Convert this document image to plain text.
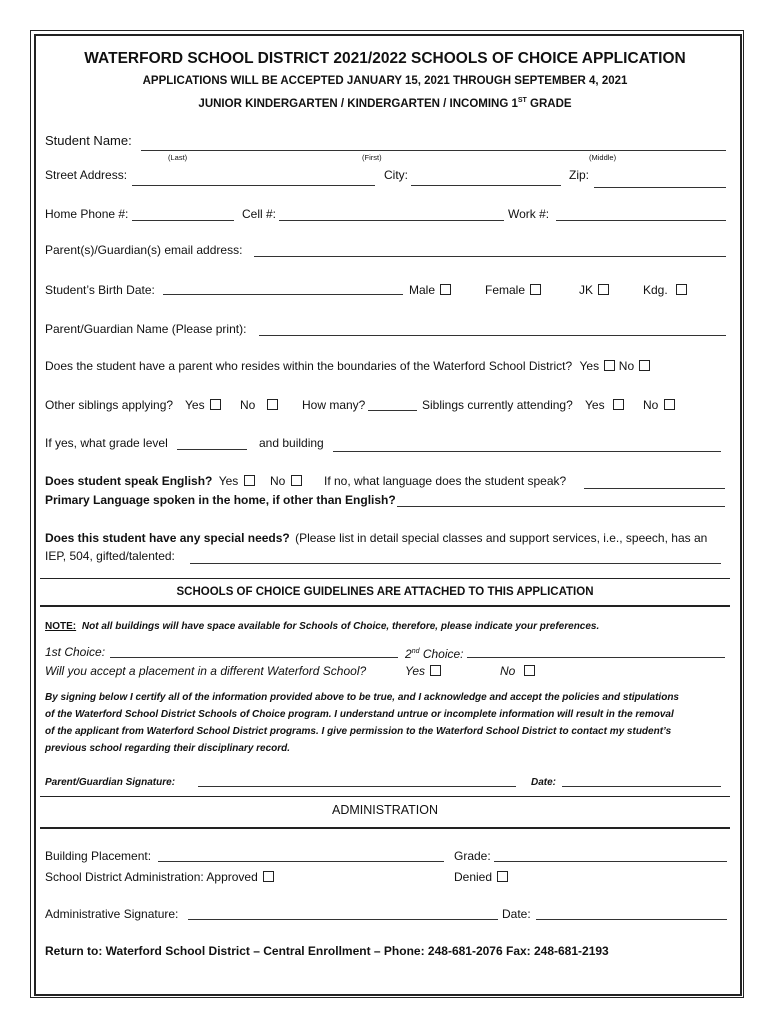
WATERFORD SCHOOL DISTRICT 2021/2022 SCHOOLS OF CHOICE APPLICATION
APPLICATIONS WILL BE ACCEPTED JANUARY 15, 2021 THROUGH SEPTEMBER 4, 2021
JUNIOR KINDERGARTEN / KINDERGARTEN / INCOMING 1ST GRADE
Student Name:
(Last)	(First)	(Middle)
Street Address:	City:	Zip:
Home Phone #:	Cell #:	Work #:
Parent(s)/Guardian(s) email address:
Student’s Birth Date:	Male	Female	JK	Kdg.
Parent/Guardian Name (Please print):
Does the student have a parent who resides within the boundaries of the Waterford School District? Yes No
Other siblings applying? Yes	No	How many?	Siblings currently attending? Yes	No
If yes, what grade level	and building
Does student speak English? Yes	No	If no, what language does the student speak?
Primary Language spoken in the home, if other than English?
Does this student have any special needs? (Please list in detail special classes and support services, i.e., speech, has an
IEP, 504, gifted/talented:
SCHOOLS OF CHOICE GUIDELINES ARE ATTACHED TO THIS APPLICATION
NOTE: Not all buildings will have space available for Schools of Choice, therefore, please indicate your preferences.
1st Choice:	2nd Choice:
Will you accept a placement in a different Waterford School?	Yes	No
By signing below I certify all of the information provided above to be true, and I acknowledge and accept the policies and stipulations
of the Waterford School District Schools of Choice program. I understand untrue or incomplete information will result in the removal
of the applicant from Waterford School District programs. I give permission to the Waterford School District to contact my student’s
previous school regarding their disciplinary record.
Parent/Guardian Signature:	Date:
ADMINISTRATION
Building Placement:	Grade:
School District Administration: Approved	Denied
Administrative Signature:	Date:
Return to: Waterford School District – Central Enrollment – Phone: 248-681-2076 Fax: 248-681-2193
